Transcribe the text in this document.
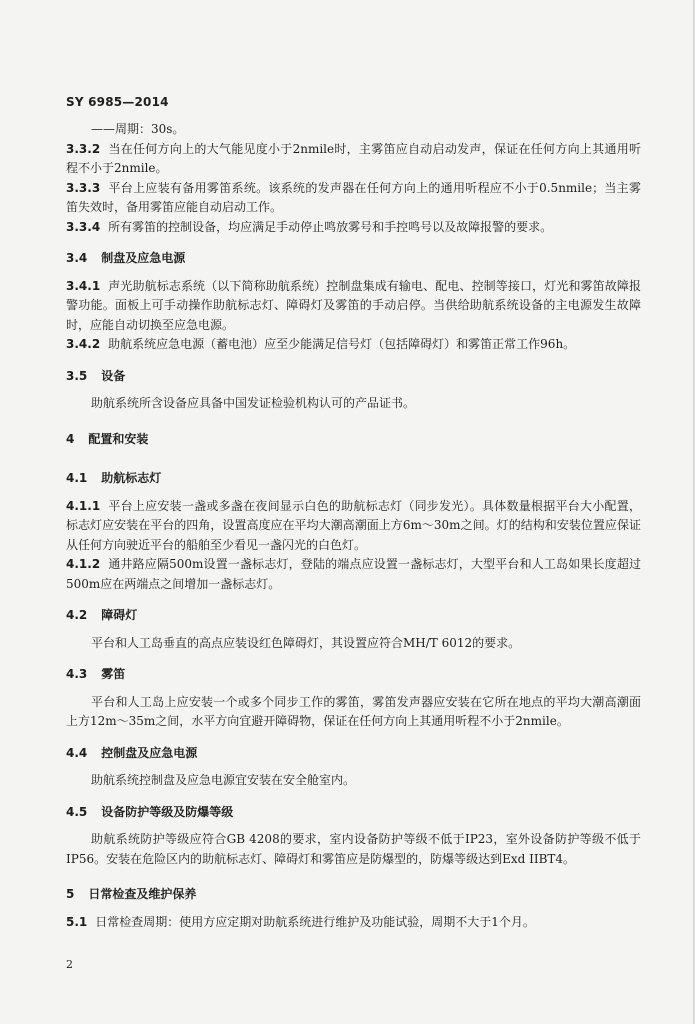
SY 6985—2014

——周期：30s。

3.3.2 当在任何方向上的大气能见度小于2nmile时，主雾笛应自动启动发声，保证在任何方向上其通用听程不小于2nmile。

3.3.3 平台上应装有备用雾笛系统。该系统的发声器在任何方向上的通用听程应不小于0.5nmile；当主雾笛失效时，备用雾笛应能自动启动工作。

3.3.4 所有雾笛的控制设备，均应满足手动停止鸣放雾号和手控鸣号以及故障报警的要求。

3.4 制盘及应急电源

3.4.1 声光助航标志系统（以下简称助航系统）控制盘集成有输电、配电、控制等接口，灯光和雾笛故障报警功能。面板上可手动操作助航标志灯、障碍灯及雾笛的手动启停。当供给助航系统设备的主电源发生故障时，应能自动切换至应急电源。

3.4.2 助航系统应急电源（蓄电池）应至少能满足信号灯（包括障碍灯）和雾笛正常工作96h。

3.5 设备

助航系统所含设备应具备中国发证检验机构认可的产品证书。

4 配置和安装

4.1 助航标志灯

4.1.1 平台上应安装一盏或多盏在夜间显示白色的助航标志灯（同步发光）。具体数量根据平台大小配置，标志灯应安装在平台的四角，设置高度应在平均大潮高潮面上方6m～30m之间。灯的结构和安装位置应保证从任何方向驶近平台的船舶至少看见一盏闪光的白色灯。

4.1.2 通井路应隔500m设置一盏标志灯，登陆的端点应设置一盏标志灯，大型平台和人工岛如果长度超过500m应在两端点之间增加一盏标志灯。

4.2 障碍灯

平台和人工岛垂直的高点应装设红色障碍灯，其设置应符合MH/T 6012的要求。

4.3 雾笛

平台和人工岛上应安装一个或多个同步工作的雾笛，雾笛发声器应安装在它所在地点的平均大潮高潮面上方12m～35m之间，水平方向宜避开障碍物，保证在任何方向上其通用听程不小于2nmile。

4.4 控制盘及应急电源

助航系统控制盘及应急电源宜安装在安全舱室内。

4.5 设备防护等级及防爆等级

助航系统防护等级应符合GB 4208的要求，室内设备防护等级不低于IP23，室外设备防护等级不低于IP56。安装在危险区内的助航标志灯、障碍灯和雾笛应是防爆型的，防爆等级达到Exd IIBT4。

5 日常检查及维护保养

5.1 日常检查周期：使用方应定期对助航系统进行维护及功能试验，周期不大于1个月。

2
